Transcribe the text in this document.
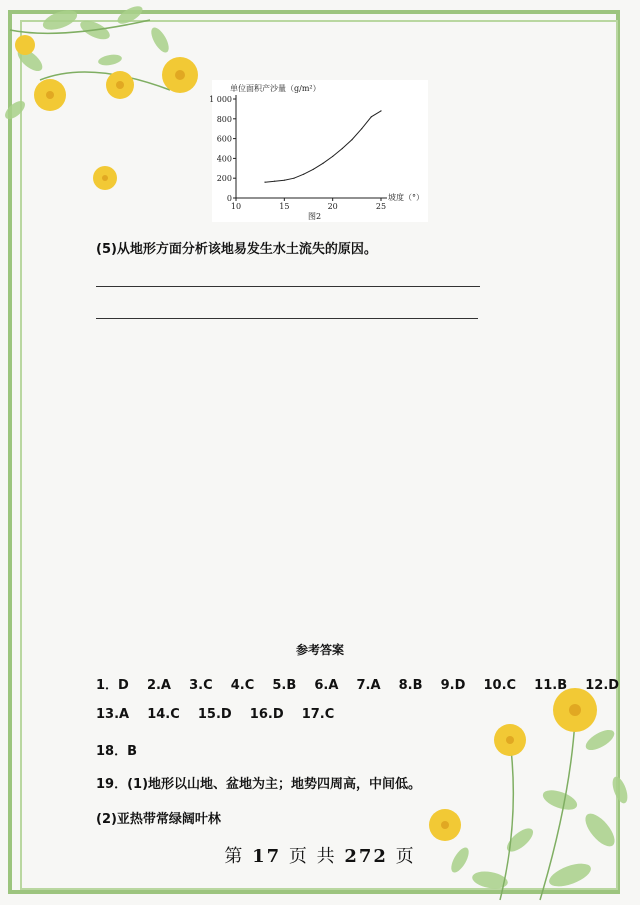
单位面积产沙量（g/m²）
0
200
400
600
800
1 000
10	15	20	25
坡度（°）
图2
(5)从地形方面分析该地易发生水土流失的原因。
参考答案
1．D    2.A    3.C    4.C    5.B    6.A    7.A    8.B    9.D    10.C    11.B    12.D
13.A    14.C    15.D    16.D    17.C
18．B
19．(1)地形以山地、盆地为主；地势四周高，中间低。
(2)亚热带常绿阔叶林
第 17 页 共 272 页
